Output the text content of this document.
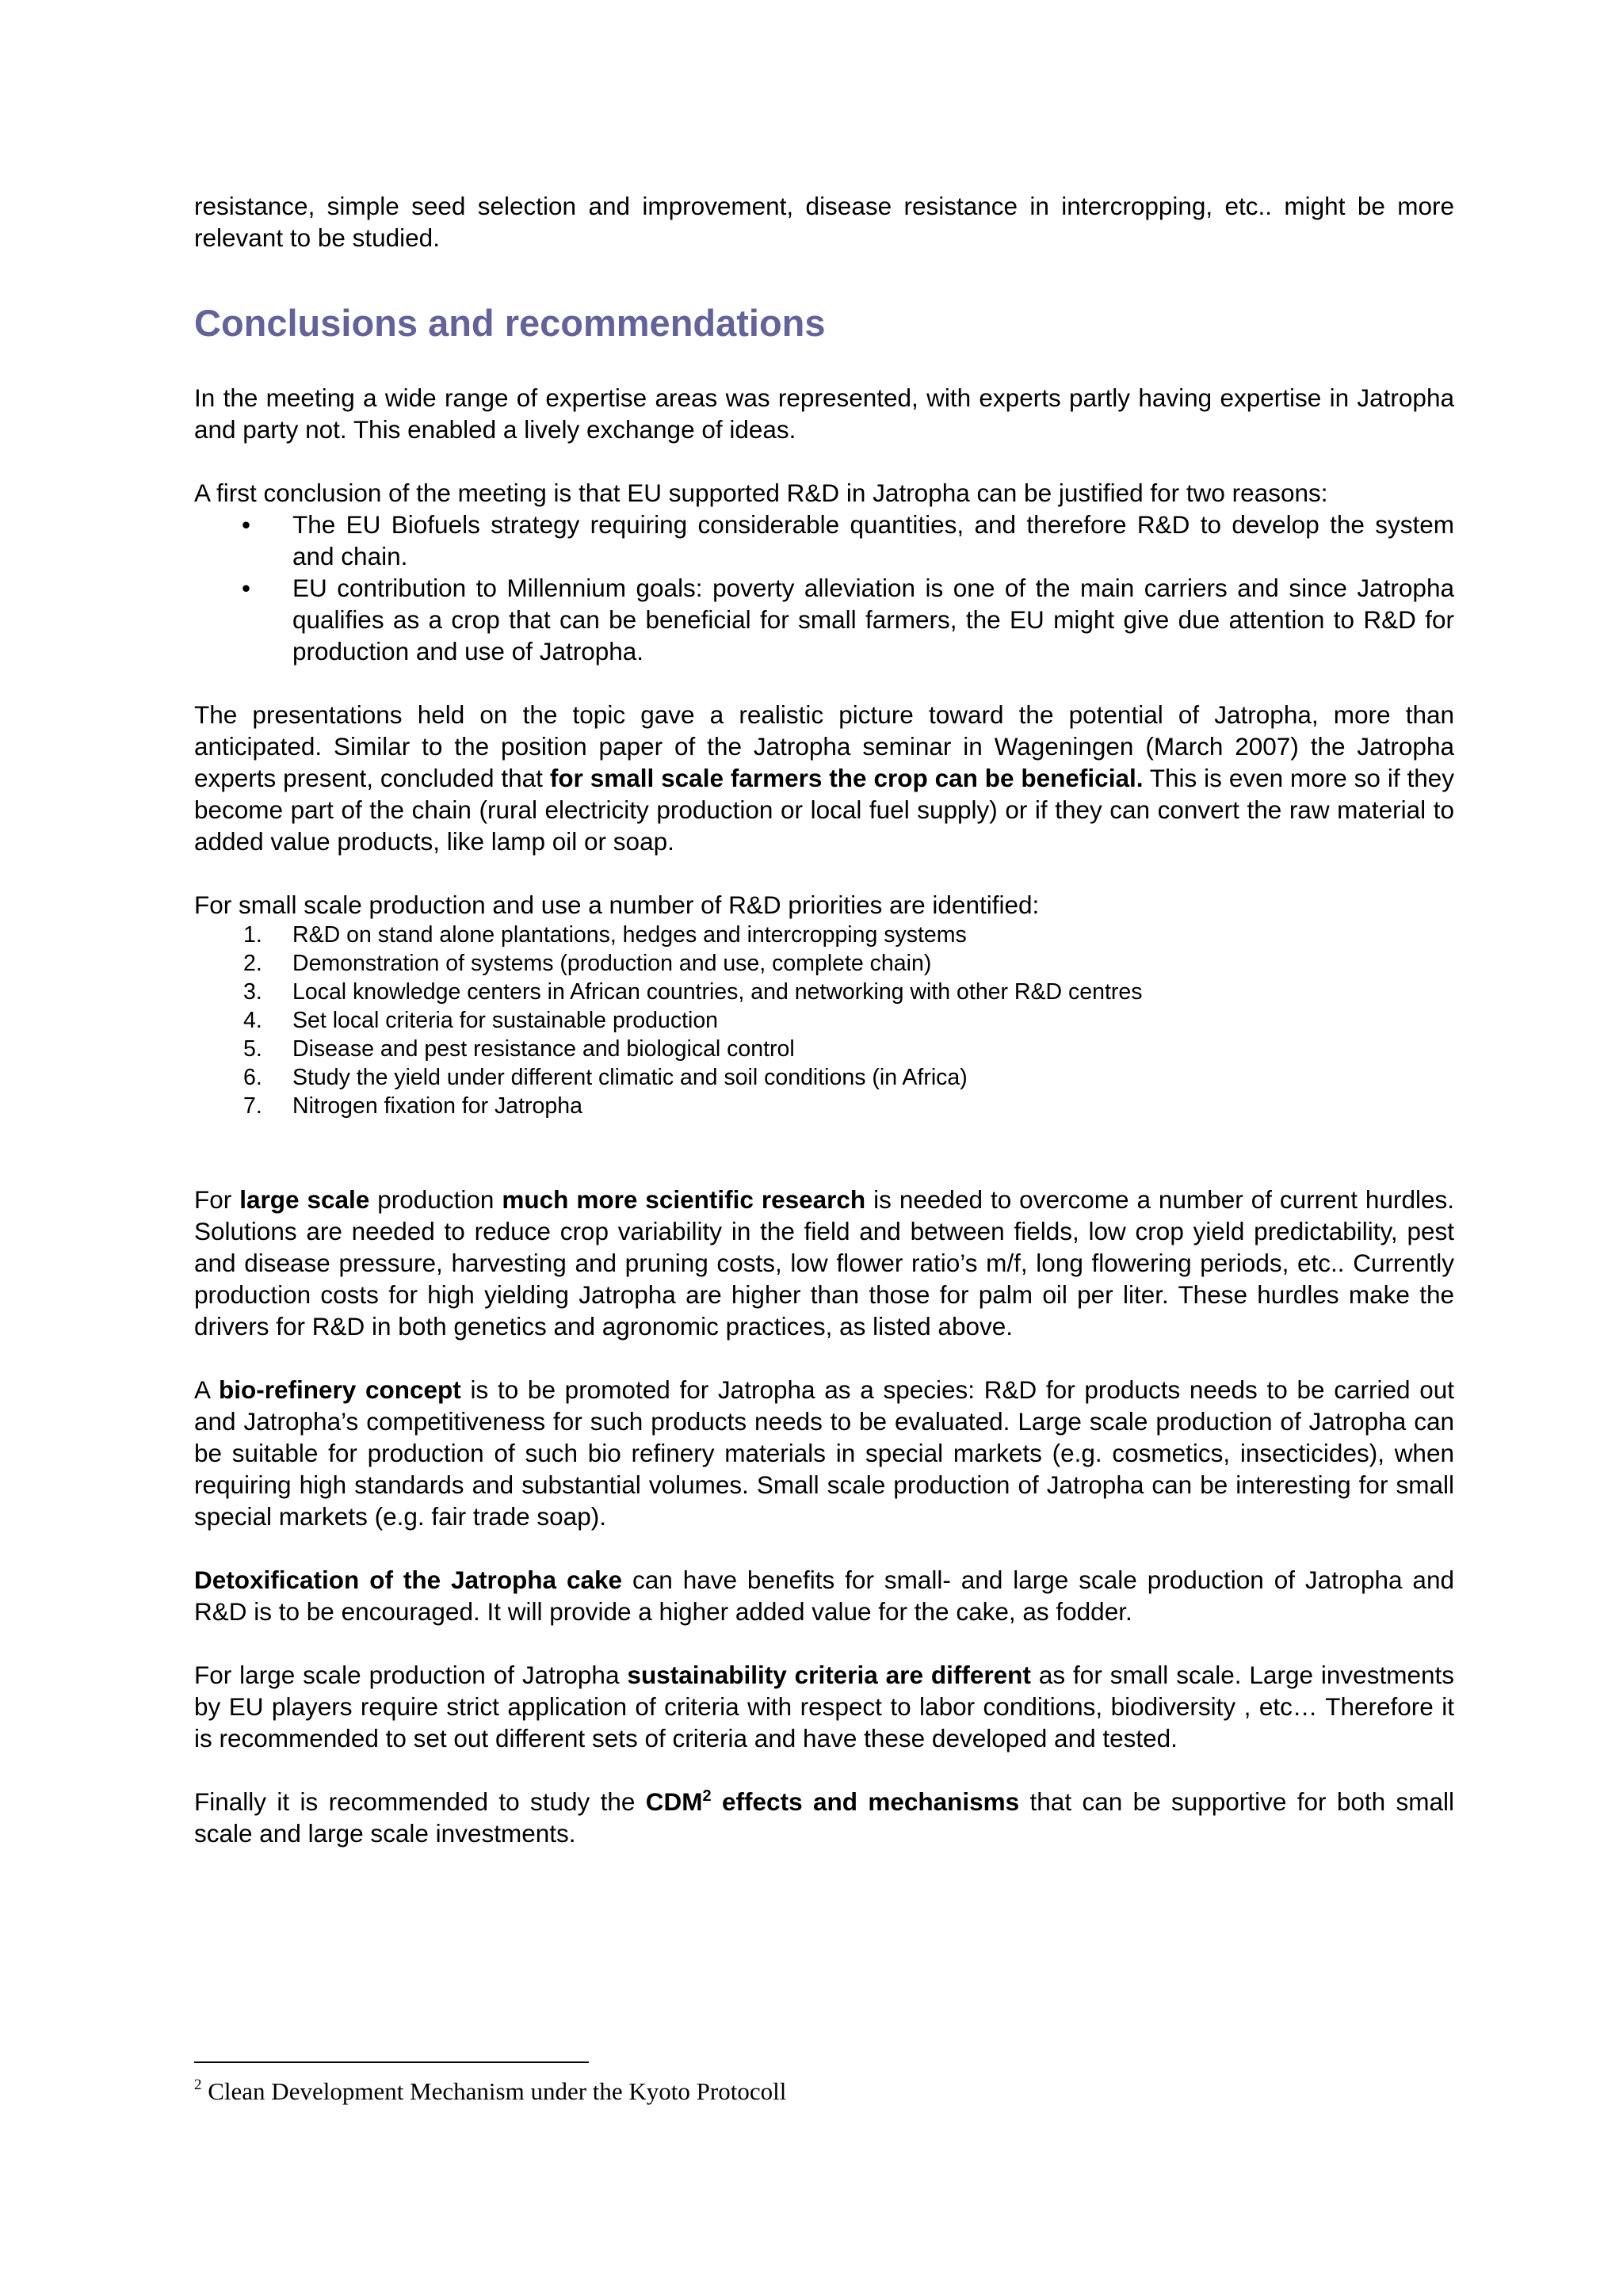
resistance, simple seed selection and improvement, disease resistance in intercropping, etc.. might be more relevant to be studied.

Conclusions and recommendations

In the meeting a wide range of expertise areas was represented, with experts partly having expertise in Jatropha and party not. This enabled a lively exchange of ideas.

A first conclusion of the meeting is that EU supported R&D in Jatropha can be justified for two reasons:

• The EU Biofuels strategy requiring considerable quantities, and therefore R&D to develop the system and chain.
• EU contribution to Millennium goals: poverty alleviation is one of the main carriers and since Jatropha qualifies as a crop that can be beneficial for small farmers, the EU might give due attention to R&D for production and use of Jatropha.

The presentations held on the topic gave a realistic picture toward the potential of Jatropha, more than anticipated. Similar to the position paper of the Jatropha seminar in Wageningen (March 2007) the Jatropha experts present, concluded that for small scale farmers the crop can be beneficial. This is even more so if they become part of the chain (rural electricity production or local fuel supply) or if they can convert the raw material to added value products, like lamp oil or soap.

For small scale production and use a number of R&D priorities are identified:

1. R&D on stand alone plantations, hedges and intercropping systems
2. Demonstration of systems (production and use, complete chain)
3. Local knowledge centers in African countries, and networking with other R&D centres
4. Set local criteria for sustainable production
5. Disease and pest resistance and biological control
6. Study the yield under different climatic and soil conditions (in Africa)
7. Nitrogen fixation for Jatropha

For large scale production much more scientific research is needed to overcome a number of current hurdles. Solutions are needed to reduce crop variability in the field and between fields, low crop yield predictability, pest and disease pressure, harvesting and pruning costs, low flower ratio’s m/f, long flowering periods, etc.. Currently production costs for high yielding Jatropha are higher than those for palm oil per liter. These hurdles make the drivers for R&D in both genetics and agronomic practices, as listed above.

A bio-refinery concept is to be promoted for Jatropha as a species: R&D for products needs to be carried out and Jatropha’s competitiveness for such products needs to be evaluated. Large scale production of Jatropha can be suitable for production of such bio refinery materials in special markets (e.g. cosmetics, insecticides), when requiring high standards and substantial volumes. Small scale production of Jatropha can be interesting for small special markets (e.g. fair trade soap).

Detoxification of the Jatropha cake can have benefits for small- and large scale production of Jatropha and R&D is to be encouraged. It will provide a higher added value for the cake, as fodder.

For large scale production of Jatropha sustainability criteria are different as for small scale. Large investments by EU players require strict application of criteria with respect to labor conditions, biodiversity , etc… Therefore it is recommended to set out different sets of criteria and have these developed and tested.

Finally it is recommended to study the CDM$^2$ effects and mechanisms that can be supportive for both small scale and large scale investments.

$^2$ Clean Development Mechanism under the Kyoto Protocoll
